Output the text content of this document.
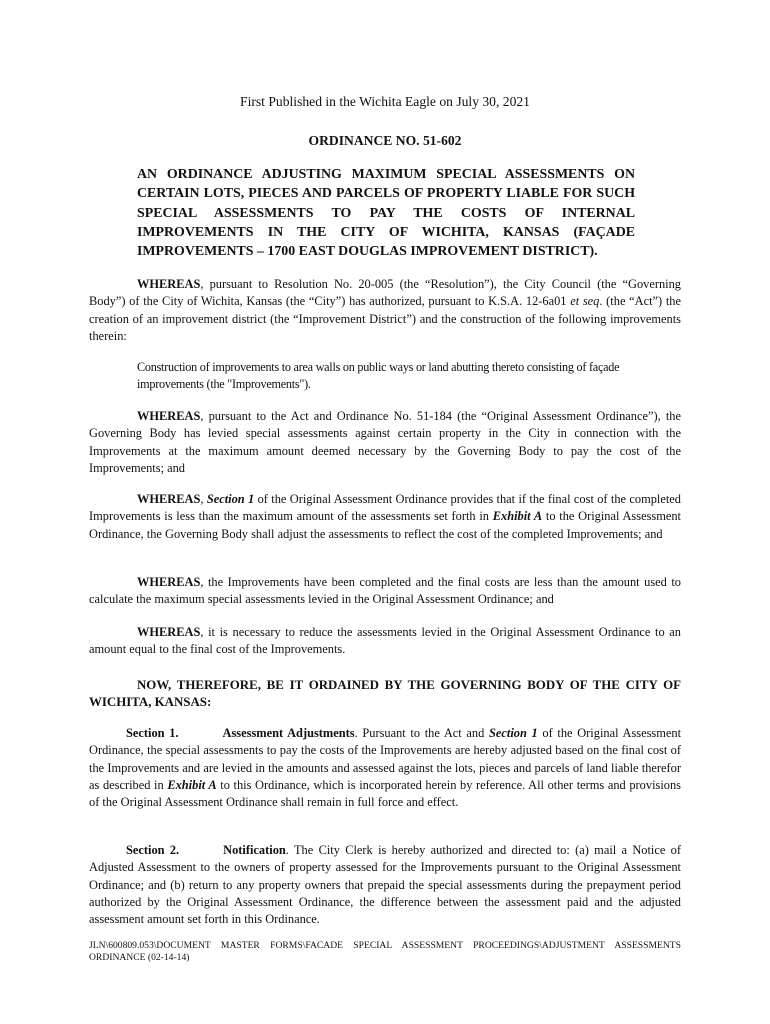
First Published in the Wichita Eagle on July 30, 2021
ORDINANCE NO. 51-602
AN ORDINANCE ADJUSTING MAXIMUM SPECIAL ASSESSMENTS ON CERTAIN LOTS, PIECES AND PARCELS OF PROPERTY LIABLE FOR SUCH SPECIAL ASSESSMENTS TO PAY THE COSTS OF INTERNAL IMPROVEMENTS IN THE CITY OF WICHITA, KANSAS (FAÇADE IMPROVEMENTS – 1700 EAST DOUGLAS IMPROVEMENT DISTRICT).
WHEREAS, pursuant to Resolution No. 20-005 (the “Resolution”), the City Council (the “Governing Body”) of the City of Wichita, Kansas (the “City”) has authorized, pursuant to K.S.A. 12-6a01 et seq. (the “Act”) the creation of an improvement district (the “Improvement District”) and the construction of the following improvements therein:
Construction of improvements to area walls on public ways or land abutting thereto consisting of façade improvements (the "Improvements").
WHEREAS, pursuant to the Act and Ordinance No. 51-184 (the “Original Assessment Ordinance”), the Governing Body has levied special assessments against certain property in the City in connection with the Improvements at the maximum amount deemed necessary by the Governing Body to pay the cost of the Improvements; and
WHEREAS, Section 1 of the Original Assessment Ordinance provides that if the final cost of the completed Improvements is less than the maximum amount of the assessments set forth in Exhibit A to the Original Assessment Ordinance, the Governing Body shall adjust the assessments to reflect the cost of the completed Improvements; and
WHEREAS, the Improvements have been completed and the final costs are less than the amount used to calculate the maximum special assessments levied in the Original Assessment Ordinance; and
WHEREAS, it is necessary to reduce the assessments levied in the Original Assessment Ordinance to an amount equal to the final cost of the Improvements.
NOW, THEREFORE, BE IT ORDAINED BY THE GOVERNING BODY OF THE CITY OF WICHITA, KANSAS:
Section 1.	Assessment Adjustments. Pursuant to the Act and Section 1 of the Original Assessment Ordinance, the special assessments to pay the costs of the Improvements are hereby adjusted based on the final cost of the Improvements and are levied in the amounts and assessed against the lots, pieces and parcels of land liable therefor as described in Exhibit A to this Ordinance, which is incorporated herein by reference. All other terms and provisions of the Original Assessment Ordinance shall remain in full force and effect.
Section 2.	Notification. The City Clerk is hereby authorized and directed to: (a) mail a Notice of Adjusted Assessment to the owners of property assessed for the Improvements pursuant to the Original Assessment Ordinance; and (b) return to any property owners that prepaid the special assessments during the prepayment period authorized by the Original Assessment Ordinance, the difference between the assessment paid and the adjusted assessment amount set forth in this Ordinance.
JLN\600809.053\DOCUMENT MASTER FORMS\FACADE SPECIAL ASSESSMENT PROCEEDINGS\ADJUSTMENT ASSESSMENTS ORDINANCE (02-14-14)
